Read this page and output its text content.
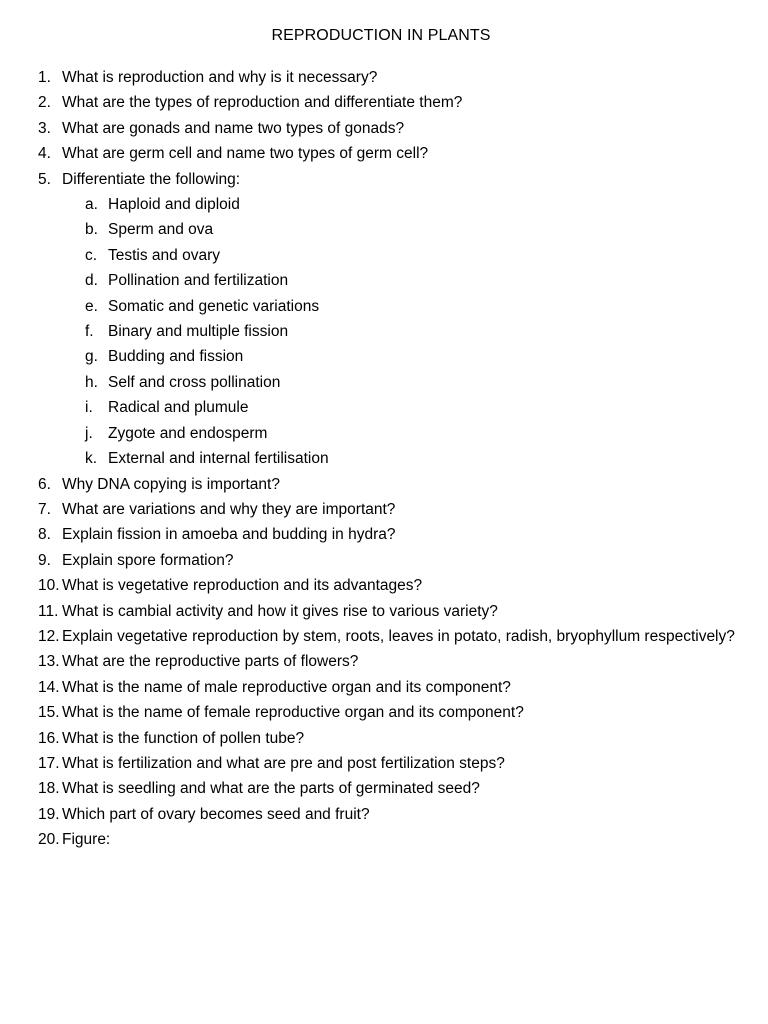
REPRODUCTION IN PLANTS
1. What is reproduction and why is it necessary?
2. What are the types of reproduction and differentiate them?
3. What are gonads and name two types of gonads?
4. What are germ cell and name two types of germ cell?
5. Differentiate the following:
a. Haploid and diploid
b. Sperm and ova
c. Testis and ovary
d. Pollination and fertilization
e. Somatic and genetic variations
f. Binary and multiple fission
g. Budding and fission
h. Self and cross pollination
i. Radical and plumule
j. Zygote and endosperm
k. External and internal fertilisation
6. Why DNA copying is important?
7. What are variations and why they are important?
8. Explain fission in amoeba and budding in hydra?
9. Explain spore formation?
10. What is vegetative reproduction and its advantages?
11. What is cambial activity and how it gives rise to various variety?
12. Explain vegetative reproduction by stem, roots, leaves in potato, radish, bryophyllum respectively?
13. What are the reproductive parts of flowers?
14. What is the name of male reproductive organ and its component?
15. What is the name of female reproductive organ and its component?
16. What is the function of pollen tube?
17. What is fertilization and what are pre and post fertilization steps?
18. What is seedling and what are the parts of germinated seed?
19. Which part of ovary becomes seed and fruit?
20. Figure:
